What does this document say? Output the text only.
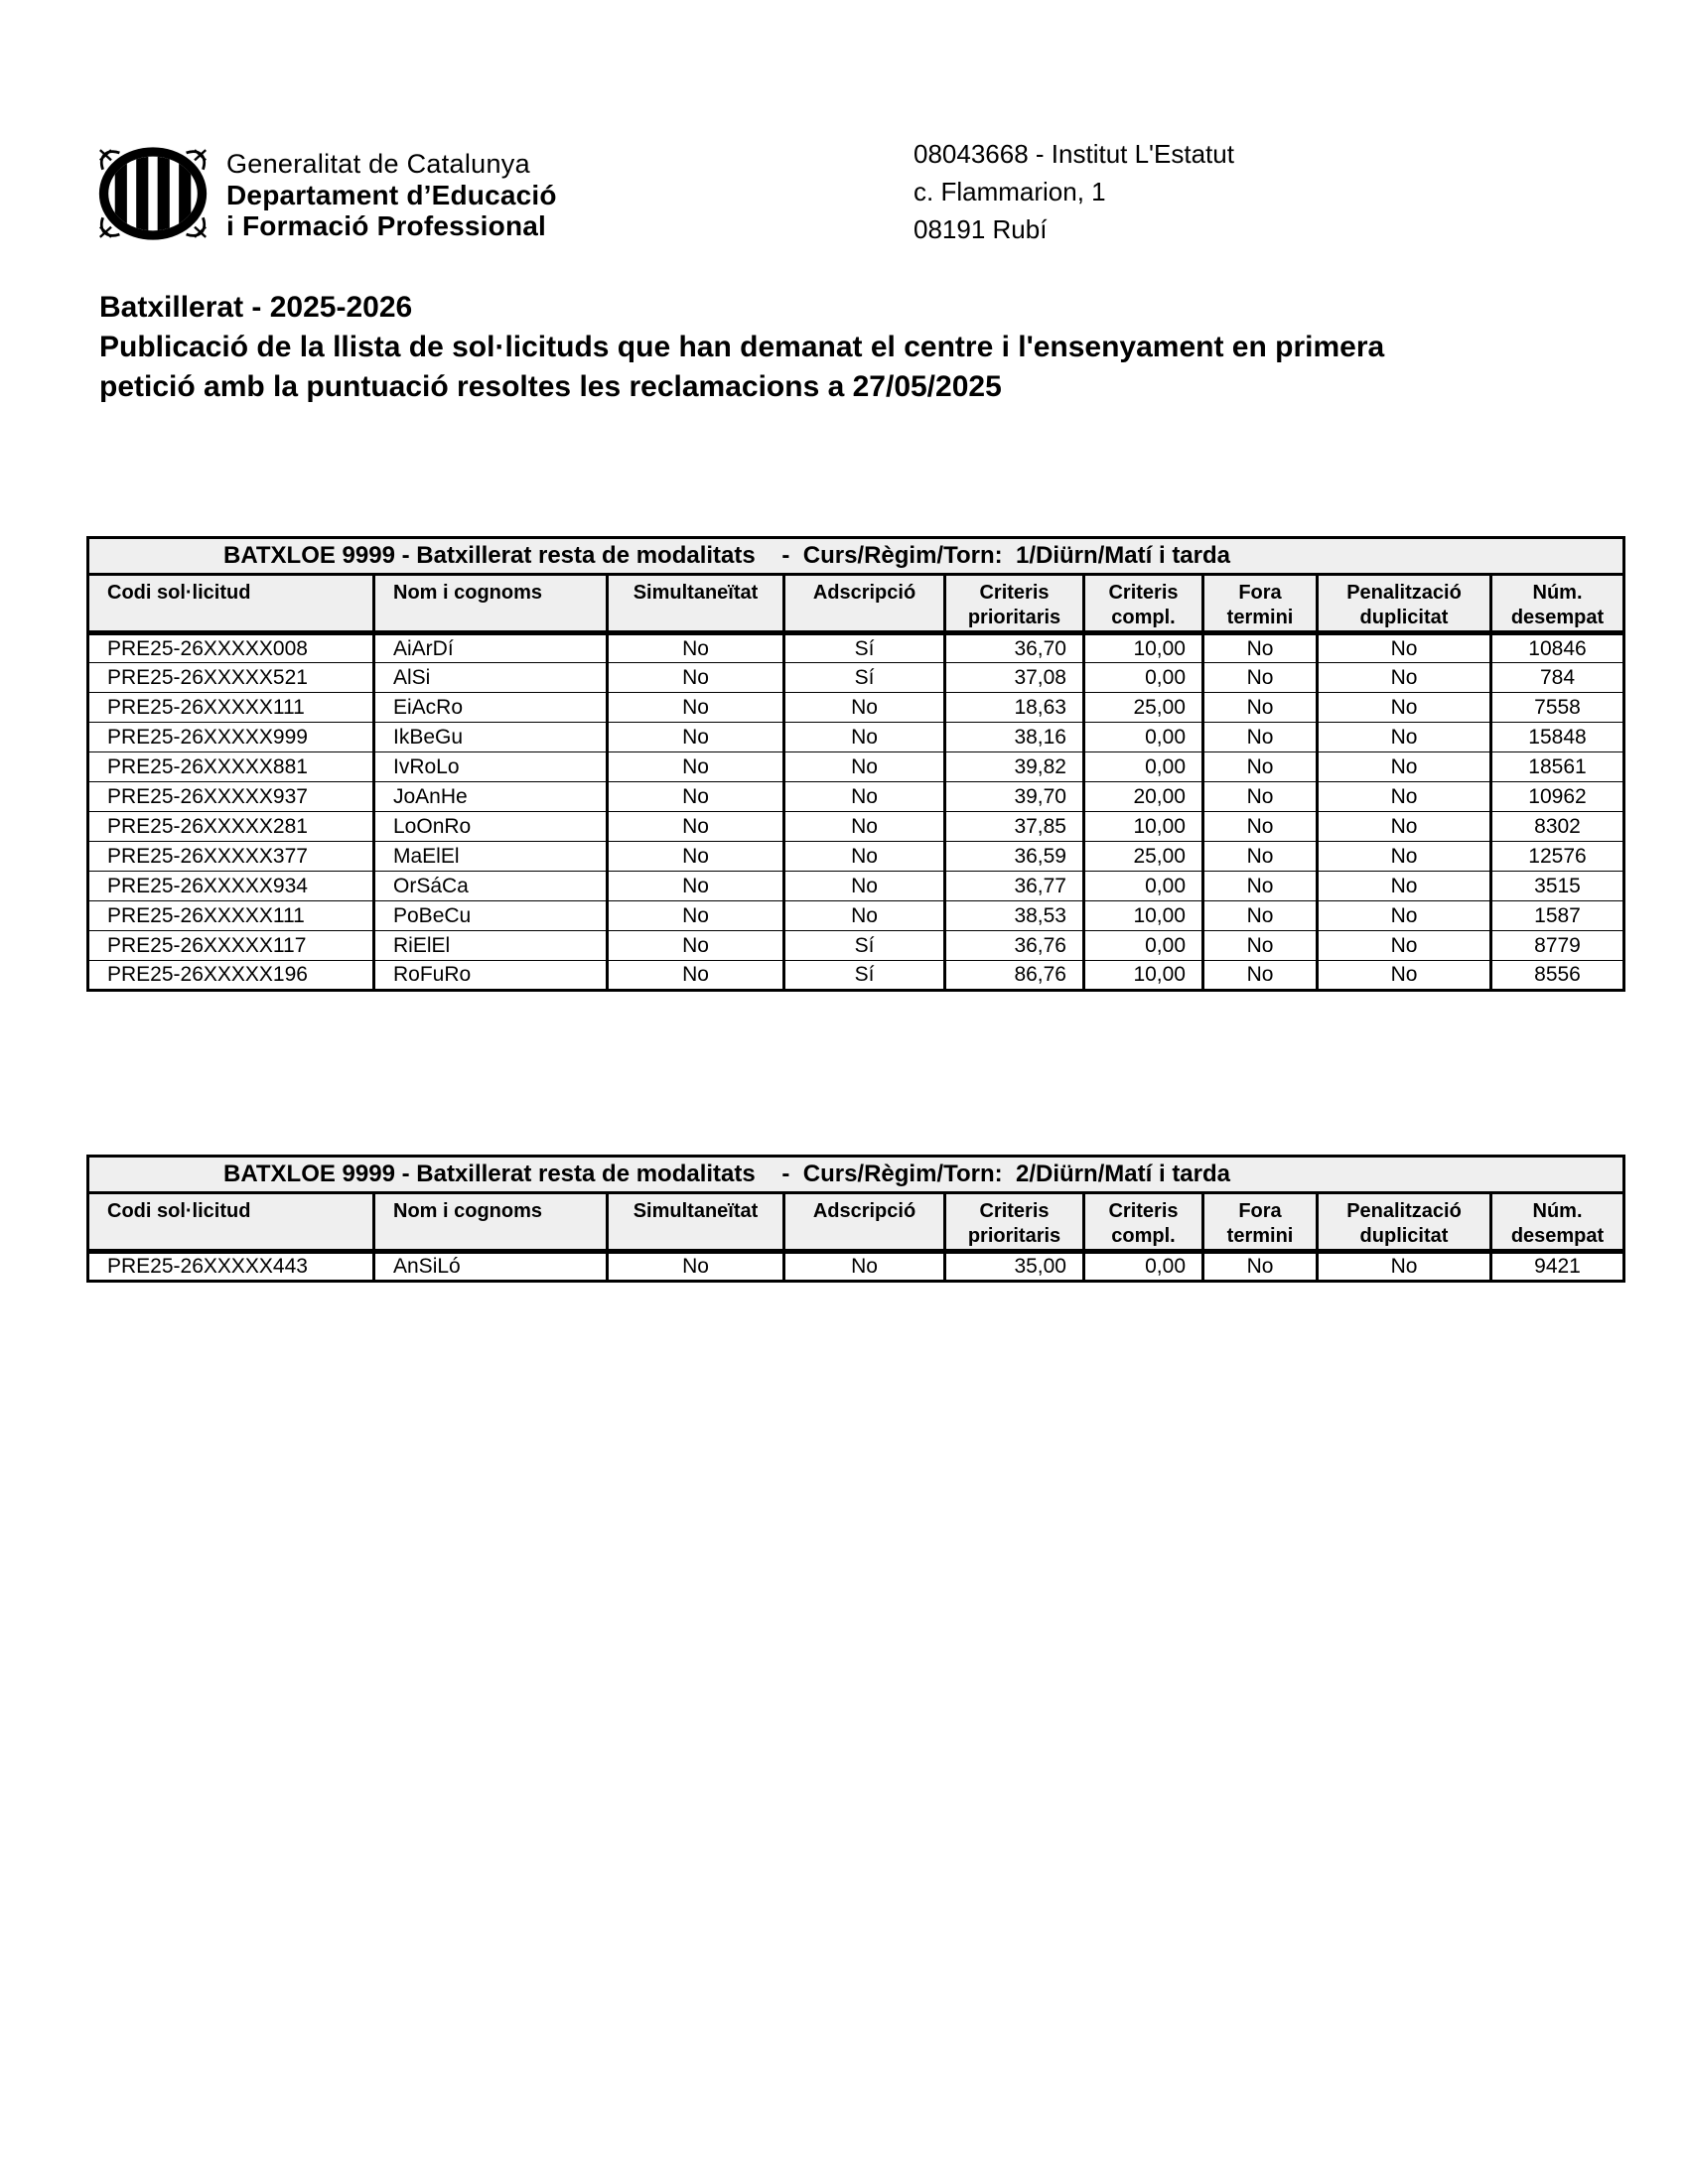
Generalitat de Catalunya
Departament d’Educació
i Formació Professional
08043668 - Institut L'Estatut
c. Flammarion, 1
08191 Rubí
Batxillerat - 2025-2026
Publicació de la llista de sol·licituds que han demanat el centre i l'ensenyament en primera
petició amb la puntuació resoltes les reclamacions a 27/05/2025
BATXLOE 9999 - Batxillerat resta de modalitats    -  Curs/Règim/Torn:  1/Diürn/Matí i tarda								
Codi sol·licitud	Nom i cognoms	Simultaneïtat	Adscripció	Criteris prioritaris	Criteris compl.	Fora termini	Penalització duplicitat	Núm. desempat
PRE25-26XXXXX008	AiArDí	No	Sí	36,70	10,00	No	No	10846
PRE25-26XXXXX521	AlSi	No	Sí	37,08	0,00	No	No	784
PRE25-26XXXXX111	EiAcRo	No	No	18,63	25,00	No	No	7558
PRE25-26XXXXX999	IkBeGu	No	No	38,16	0,00	No	No	15848
PRE25-26XXXXX881	IvRoLo	No	No	39,82	0,00	No	No	18561
PRE25-26XXXXX937	JoAnHe	No	No	39,70	20,00	No	No	10962
PRE25-26XXXXX281	LoOnRo	No	No	37,85	10,00	No	No	8302
PRE25-26XXXXX377	MaElEl	No	No	36,59	25,00	No	No	12576
PRE25-26XXXXX934	OrSáCa	No	No	36,77	0,00	No	No	3515
PRE25-26XXXXX111	PoBeCu	No	No	38,53	10,00	No	No	1587
PRE25-26XXXXX117	RiElEl	No	Sí	36,76	0,00	No	No	8779
PRE25-26XXXXX196	RoFuRo	No	Sí	86,76	10,00	No	No	8556
BATXLOE 9999 - Batxillerat resta de modalitats    -  Curs/Règim/Torn:  2/Diürn/Matí i tarda								
Codi sol·licitud	Nom i cognoms	Simultaneïtat	Adscripció	Criteris prioritaris	Criteris compl.	Fora termini	Penalització duplicitat	Núm. desempat
PRE25-26XXXXX443	AnSiLó	No	No	35,00	0,00	No	No	9421
